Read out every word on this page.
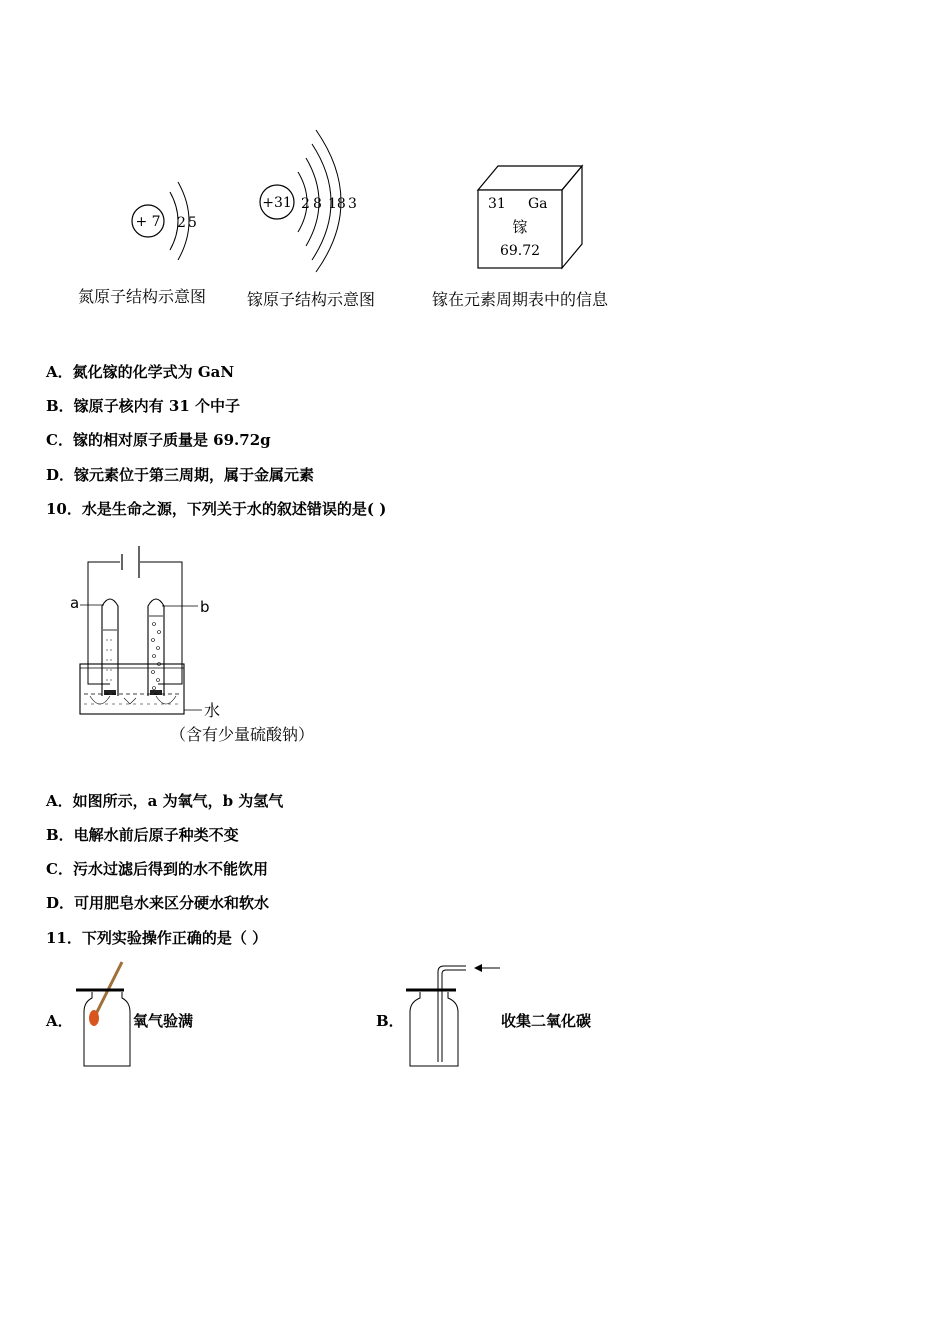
+ 7 2 5
+31 2 8 18 3	31 Ga
镓
69.72
氮原子结构示意图	镓原子结构示意图	镓在元素周期表中的信息
A．氮化镓的化学式为 GaN
B．镓原子核内有 31 个中子
C．镓的相对原子质量是 69.72g
D．镓元素位于第三周期，属于金属元素
10．水是生命之源，下列关于水的叙述错误的是( )
a	b
水
（含有少量硫酸钠）
A．如图所示，a 为氧气，b 为氢气
B．电解水前后原子种类不变
C．污水过滤后得到的水不能饮用
D．可用肥皂水来区分硬水和软水
11．下列实验操作正确的是（ ）
A．	氧气验满	B．	收集二氧化碳
